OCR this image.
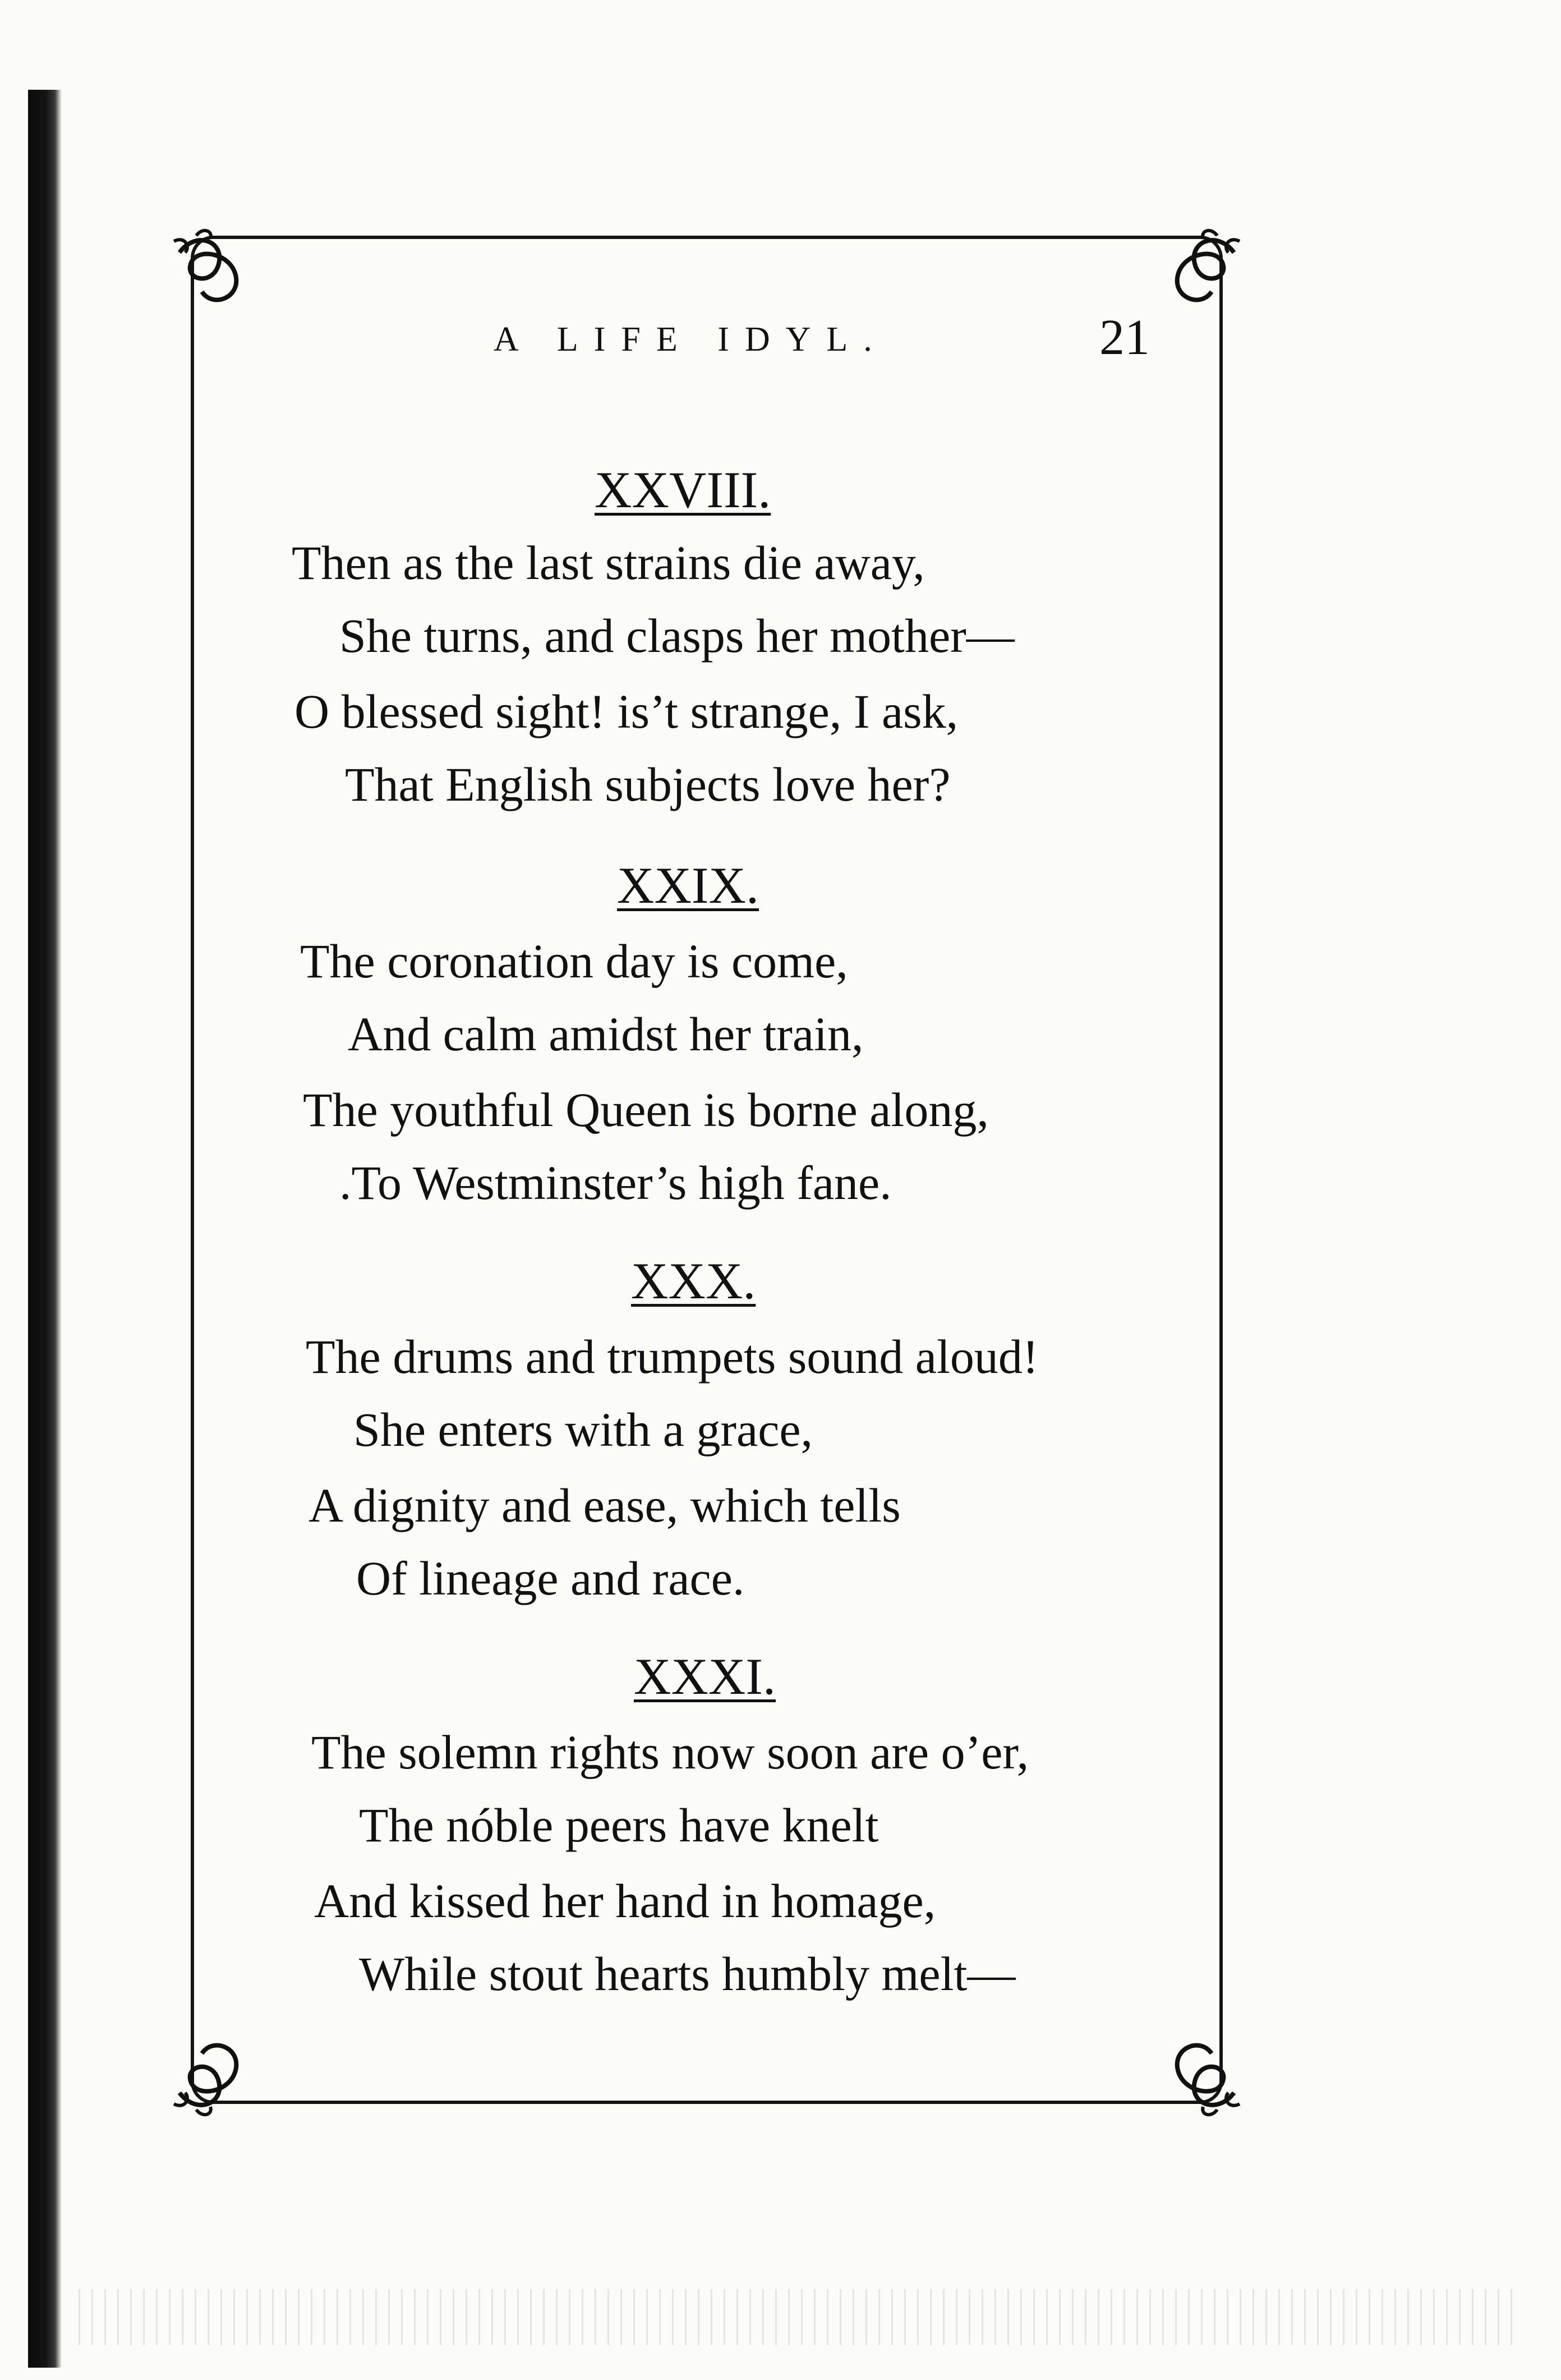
A LIFE IDYL.	21
XXVIII.
Then as the last strains die away,
She turns, and clasps her mother—
O blessed sight! is’t strange, I ask,
That English subjects love her?
XXIX.
The coronation day is come,
And calm amidst her train,
The youthful Queen is borne along,
.To Westminster’s high fane.
XXX.
The drums and trumpets sound aloud!
She enters with a grace,
A dignity and ease, which tells
Of lineage and race.
XXXI.
The solemn rights now soon are o’er,
The nóble peers have knelt
And kissed her hand in homage,
While stout hearts humbly melt—
